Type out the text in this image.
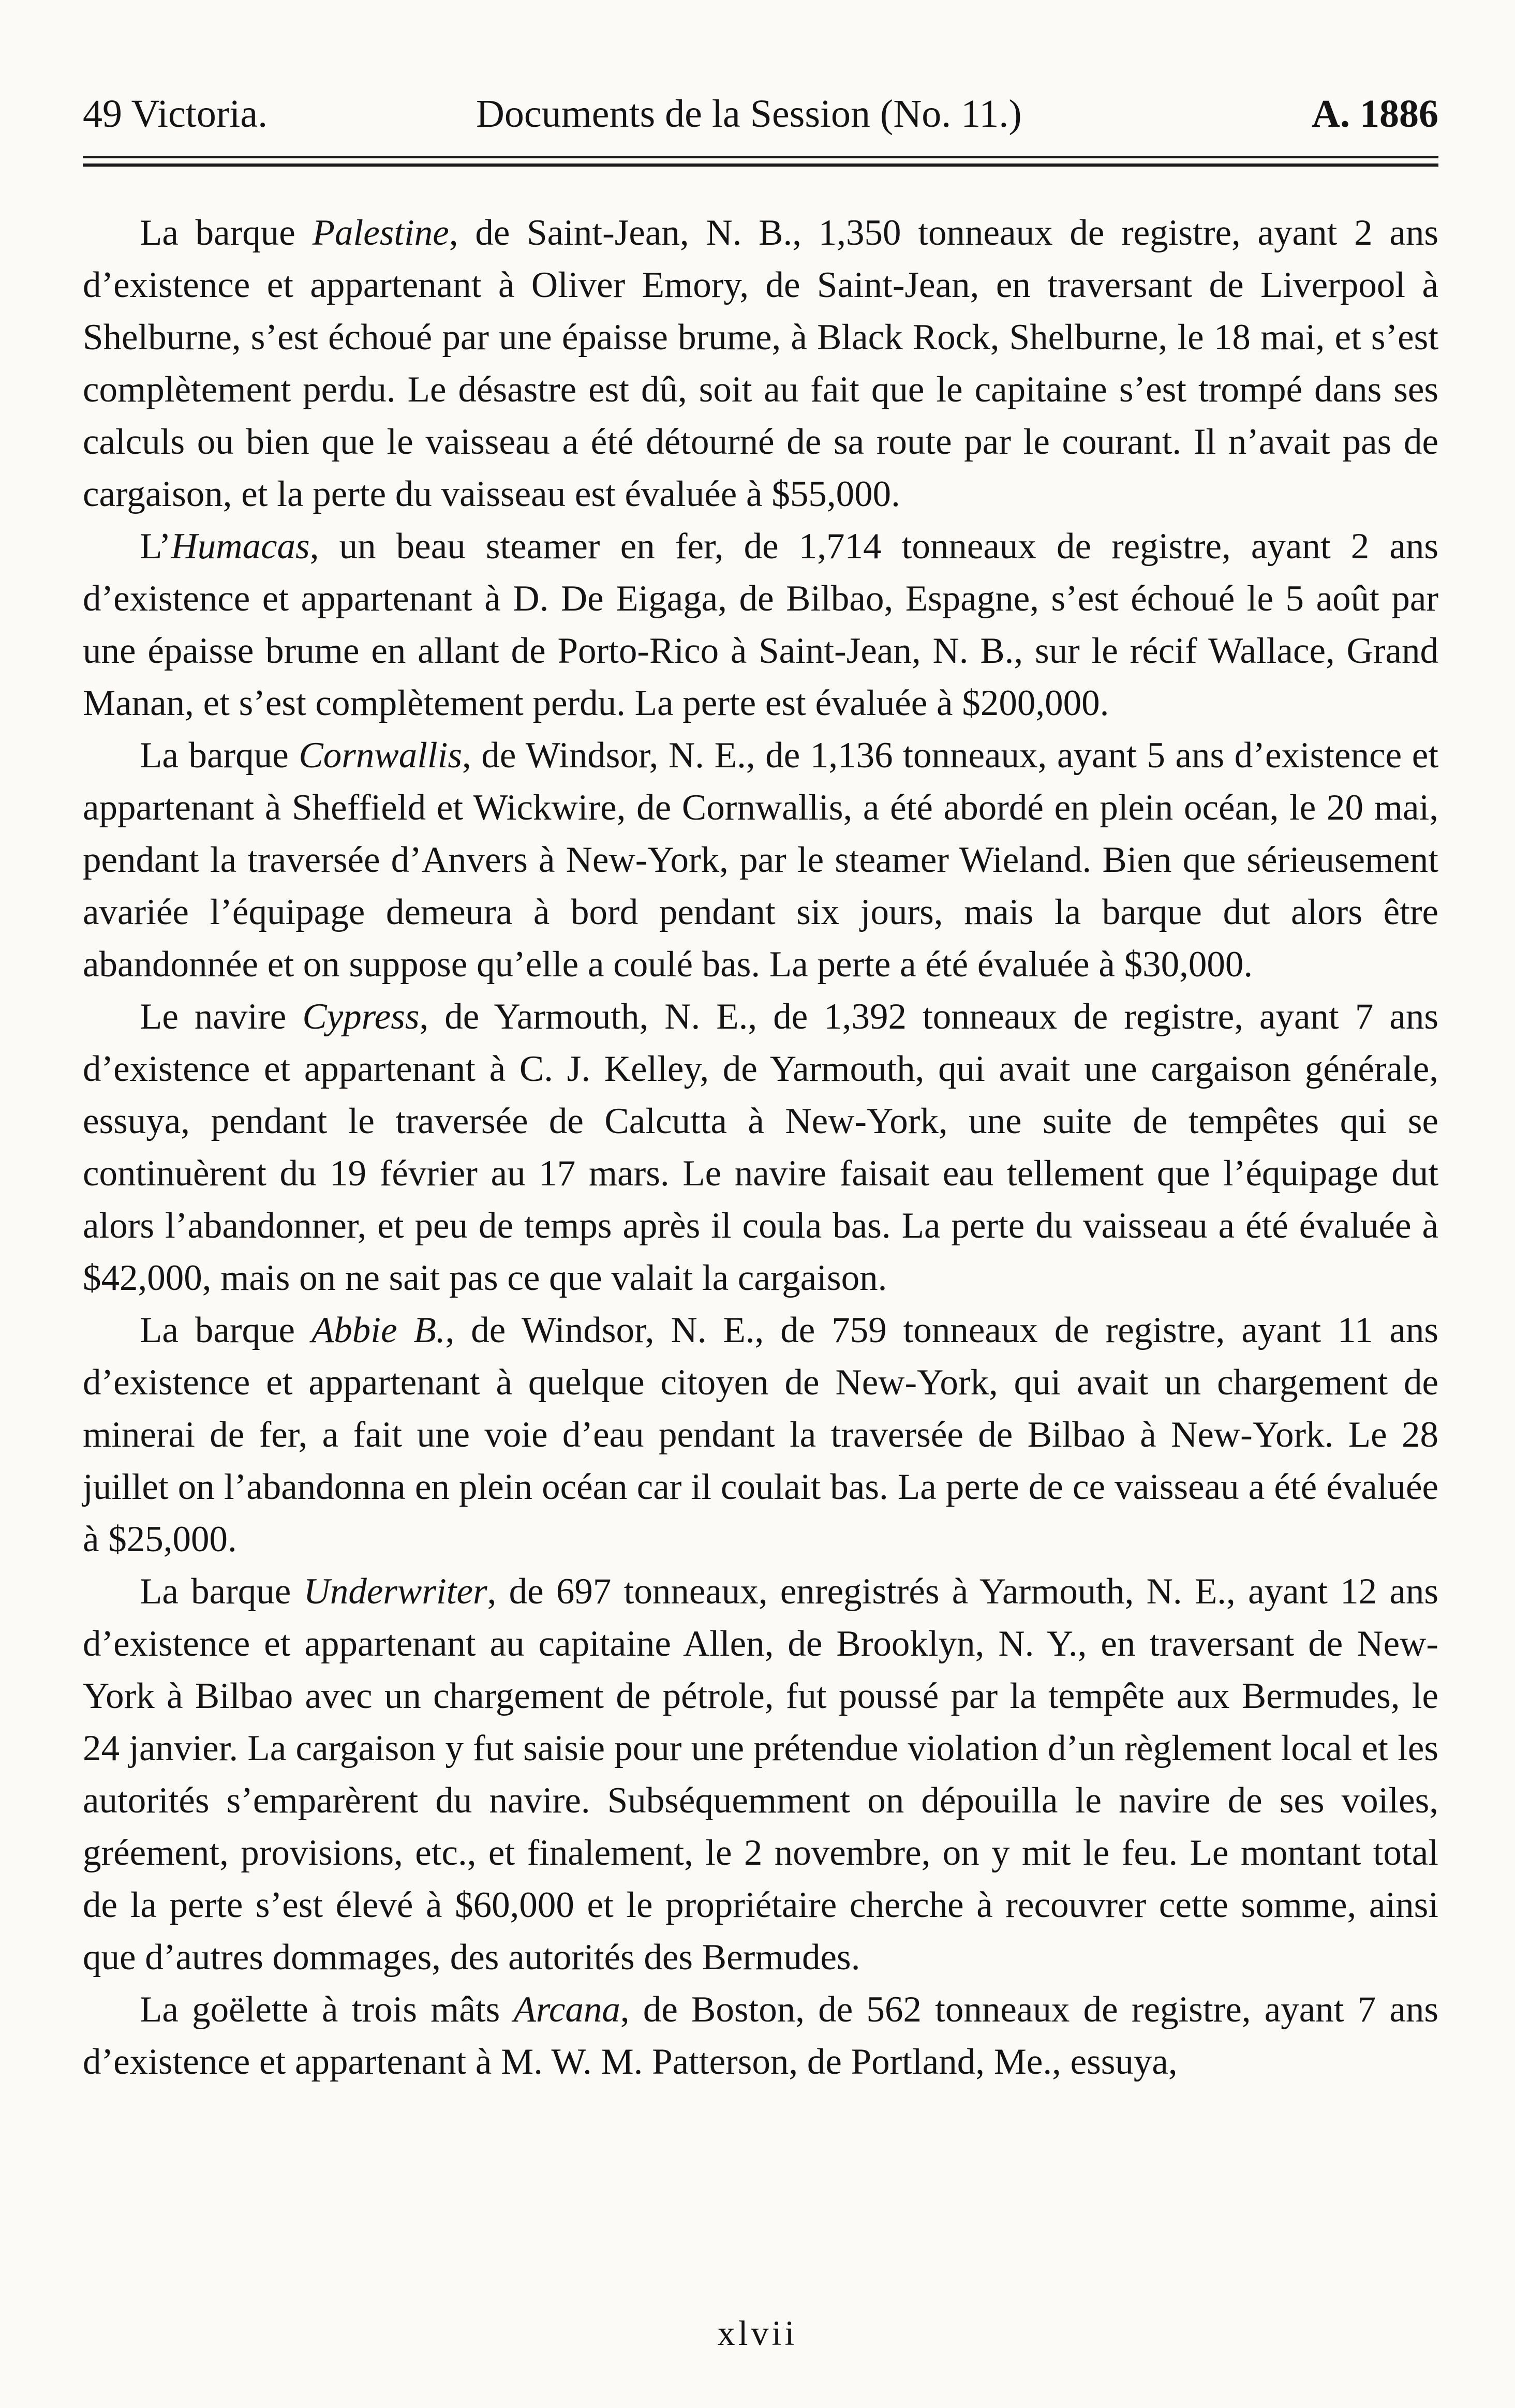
49 Victoria.	Documents de la Session (No. 11.)	A. 1886

La barque Palestine, de Saint-Jean, N. B., 1,350 tonneaux de registre, ayant 2 ans d’existence et appartenant à Oliver Emory, de Saint-Jean, en traversant de Liverpool à Shelburne, s’est échoué par une épaisse brume, à Black Rock, Shelburne, le 18 mai, et s’est complètement perdu. Le désastre est dû, soit au fait que le capitaine s’est trompé dans ses calculs ou bien que le vaisseau a été détourné de sa route par le courant. Il n’avait pas de cargaison, et la perte du vaisseau est évaluée à $55,000.

L’Humacas, un beau steamer en fer, de 1,714 tonneaux de registre, ayant 2 ans d’existence et appartenant à D. De Eigaga, de Bilbao, Espagne, s’est échoué le 5 août par une épaisse brume en allant de Porto-Rico à Saint-Jean, N. B., sur le récif Wallace, Grand Manan, et s’est complètement perdu. La perte est évaluée à $200,000.

La barque Cornwallis, de Windsor, N. E., de 1,136 tonneaux, ayant 5 ans d’existence et appartenant à Sheffield et Wickwire, de Cornwallis, a été abordé en plein océan, le 20 mai, pendant la traversée d’Anvers à New-York, par le steamer Wieland. Bien que sérieusement avariée l’équipage demeura à bord pendant six jours, mais la barque dut alors être abandonnée et on suppose qu’elle a coulé bas. La perte a été évaluée à $30,000.

Le navire Cypress, de Yarmouth, N. E., de 1,392 tonneaux de registre, ayant 7 ans d’existence et appartenant à C. J. Kelley, de Yarmouth, qui avait une cargaison générale, essuya, pendant le traversée de Calcutta à New-York, une suite de tempêtes qui se continuèrent du 19 février au 17 mars. Le navire faisait eau tellement que l’équipage dut alors l’abandonner, et peu de temps après il coula bas. La perte du vaisseau a été évaluée à $42,000, mais on ne sait pas ce que valait la cargaison.

La barque Abbie B., de Windsor, N. E., de 759 tonneaux de registre, ayant 11 ans d’existence et appartenant à quelque citoyen de New-York, qui avait un chargement de minerai de fer, a fait une voie d’eau pendant la traversée de Bilbao à New-York. Le 28 juillet on l’abandonna en plein océan car il coulait bas. La perte de ce vaisseau a été évaluée à $25,000.

La barque Underwriter, de 697 tonneaux, enregistrés à Yarmouth, N. E., ayant 12 ans d’existence et appartenant au capitaine Allen, de Brooklyn, N. Y., en traversant de New-York à Bilbao avec un chargement de pétrole, fut poussé par la tempête aux Bermudes, le 24 janvier. La cargaison y fut saisie pour une prétendue violation d’un règlement local et les autorités s’emparèrent du navire. Subséquemment on dépouilla le navire de ses voiles, gréement, provisions, etc., et finalement, le 2 novembre, on y mit le feu. Le montant total de la perte s’est élevé à $60,000 et le propriétaire cherche à recouvrer cette somme, ainsi que d’autres dommages, des autorités des Bermudes.

La goëlette à trois mâts Arcana, de Boston, de 562 tonneaux de registre, ayant 7 ans d’existence et appartenant à M. W. M. Patterson, de Portland, Me., essuya,

xlvii
